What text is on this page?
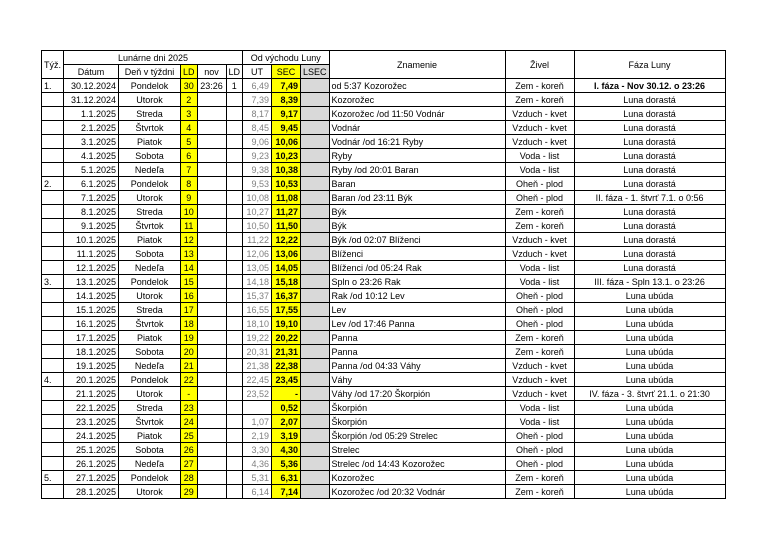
Týž.	Lunárne dni 2025					Od východu Luny			Znamenie	Živel	Fáza Luny
	Dátum	Deň v týždni	LD	nov	LD	UT	SEC	LSEC			
1.	30.12.2024	Pondelok	30	23:26	1	6,49	7,49		od 5:37 Kozorožec	Zem - koreň	I. fáza - Nov 30.12. o 23:26
	31.12.2024	Utorok	2			7,39	8,39		Kozorožec	Zem - koreň	Luna dorastá
	1.1.2025	Streda	3			8,17	9,17		Kozorožec /od 11:50 Vodnár	Vzduch - kvet	Luna dorastá
	2.1.2025	Štvrtok	4			8,45	9,45		Vodnár	Vzduch - kvet	Luna dorastá
	3.1.2025	Piatok	5			9,06	10,06		Vodnár /od 16:21 Ryby	Vzduch - kvet	Luna dorastá
	4.1.2025	Sobota	6			9,23	10,23		Ryby	Voda - list	Luna dorastá
	5.1.2025	Nedeľa	7			9,38	10,38		Ryby /od 20:01 Baran	Voda - list	Luna dorastá
2.	6.1.2025	Pondelok	8			9,53	10,53		Baran	Oheň - plod	Luna dorastá
	7.1.2025	Utorok	9			10,08	11,08		Baran /od 23:11 Býk	Oheň - plod	II. fáza - 1. štvrť 7.1. o 0:56
	8.1.2025	Streda	10			10,27	11,27		Býk	Zem - koreň	Luna dorastá
	9.1.2025	Štvrtok	11			10,50	11,50		Býk	Zem - koreň	Luna dorastá
	10.1.2025	Piatok	12			11,22	12,22		Býk /od 02:07 Blíženci	Vzduch - kvet	Luna dorastá
	11.1.2025	Sobota	13			12,06	13,06		Blíženci	Vzduch - kvet	Luna dorastá
	12.1.2025	Nedeľa	14			13,05	14,05		Blíženci /od 05:24 Rak	Voda - list	Luna dorastá
3.	13.1.2025	Pondelok	15			14,18	15,18		Spln o 23:26 Rak	Voda - list	III. fáza - Spln 13.1. o 23:26
	14.1.2025	Utorok	16			15,37	16,37		Rak /od 10:12 Lev	Oheň - plod	Luna ubúda
	15.1.2025	Streda	17			16,55	17,55		Lev	Oheň - plod	Luna ubúda
	16.1.2025	Štvrtok	18			18,10	19,10		Lev /od 17:46 Panna	Oheň - plod	Luna ubúda
	17.1.2025	Piatok	19			19,22	20,22		Panna	Zem - koreň	Luna ubúda
	18.1.2025	Sobota	20			20,31	21,31		Panna	Zem - koreň	Luna ubúda
	19.1.2025	Nedeľa	21			21,38	22,38		Panna /od 04:33 Váhy	Vzduch - kvet	Luna ubúda
4.	20.1.2025	Pondelok	22			22,45	23,45		Váhy	Vzduch - kvet	Luna ubúda
	21.1.2025	Utorok	-			23,52	-		Váhy /od 17:20 Škorpión	Vzduch - kvet	IV. fáza - 3. štvrť 21.1. o 21:30
	22.1.2025	Streda	23				0,52		Škorpión	Voda - list	Luna ubúda
	23.1.2025	Štvrtok	24			1,07	2,07		Škorpión	Voda - list	Luna ubúda
	24.1.2025	Piatok	25			2,19	3,19		Škorpión /od 05:29 Strelec	Oheň - plod	Luna ubúda
	25.1.2025	Sobota	26			3,30	4,30		Strelec	Oheň - plod	Luna ubúda
	26.1.2025	Nedeľa	27			4,36	5,36		Strelec /od 14:43 Kozorožec	Oheň - plod	Luna ubúda
5.	27.1.2025	Pondelok	28			5,31	6,31		Kozorožec	Zem - koreň	Luna ubúda
	28.1.2025	Utorok	29			6,14	7,14		Kozorožec /od 20:32 Vodnár	Zem - koreň	Luna ubúda
